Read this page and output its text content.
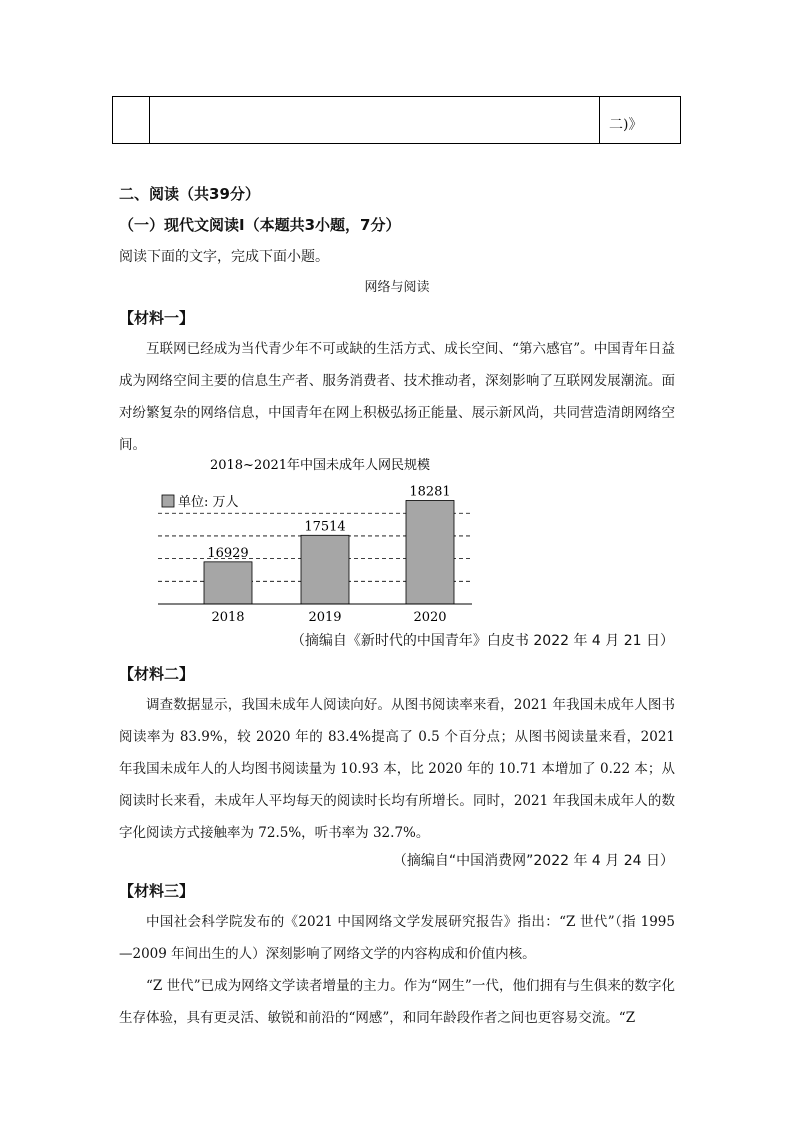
二)》
二、阅读（共39分）
（一）现代文阅读Ⅰ（本题共3小题，7分）
阅读下面的文字，完成下面小题。
网络与阅读
【材料一】

互联网已经成为当代青少年不可或缺的生活方式、成长空间、“第六感官”。中国青年日益成为网络空间主要的信息生产者、服务消费者、技术推动者，深刻影响了互联网发展潮流。面对纷繁复杂的网络信息，中国青年在网上积极弘扬正能量、展示新风尚，共同营造清朗网络空间。

2018~2021年中国未成年人网民规模
单位: 万人
16929
2018
17514
2019
18281
2020
（摘编自《新时代的中国青年》白皮书 2022 年 4 月 21 日）
【材料二】

调查数据显示，我国未成年人阅读向好。从图书阅读率来看，2021 年我国未成年人图书阅读率为 83.9%，较 2020 年的 83.4%提高了 0.5 个百分点；从图书阅读量来看，2021 年我国未成年人的人均图书阅读量为 10.93 本，比 2020 年的 10.71 本增加了 0.22 本；从阅读时长来看，未成年人平均每天的阅读时长均有所增长。同时，2021 年我国未成年人的数字化阅读方式接触率为 72.5%，听书率为 32.7%。

（摘编自“中国消费网”2022 年 4 月 24 日）
【材料三】

中国社会科学院发布的《2021 中国网络文学发展研究报告》指出：“Z 世代”（指 1995—2009 年间出生的人）深刻影响了网络文学的内容构成和价值内核。

“Z 世代”已成为网络文学读者增量的主力。作为“网生”一代，他们拥有与生俱来的数字化生存体验，具有更灵活、敏锐和前沿的“网感”，和同年龄段作者之间也更容易交流。“Z
